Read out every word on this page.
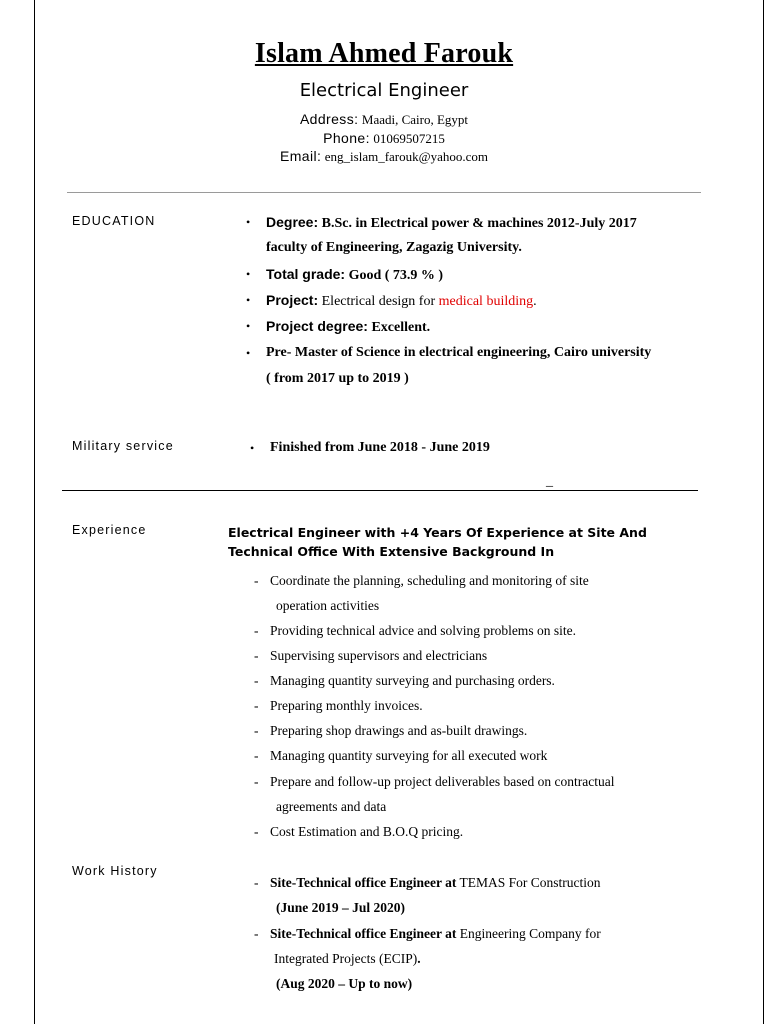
Islam Ahmed Farouk
Electrical Engineer
Address: Maadi, Cairo, Egypt
Phone: 01069507215
Email: eng_islam_farouk@yahoo.com
EDUCATION	• Degree: B.Sc. in Electrical power & machines 2012-July 2017
faculty of Engineering, Zagazig University.
• Total grade: Good ( 73.9 % )
• Project: Electrical design for medical building.
• Project degree: Excellent.
• Pre- Master of Science in electrical engineering, Cairo university
( from 2017 up to 2019 )
Military service	• Finished from June 2018 - June 2019
_
Experience	Electrical Engineer with +4 Years Of Experience at Site And
Technical Office With Extensive Background In
- Coordinate the planning, scheduling and monitoring of site
operation activities
- Providing technical advice and solving problems on site.
- Supervising supervisors and electricians
- Managing quantity surveying and purchasing orders.
- Preparing monthly invoices.
- Preparing shop drawings and as-built drawings.
- Managing quantity surveying for all executed work
- Prepare and follow-up project deliverables based on contractual
agreements and data
- Cost Estimation and B.O.Q pricing.
Work History
- Site-Technical office Engineer at TEMAS For Construction
(June 2019 – Jul 2020)
- Site-Technical office Engineer at Engineering Company for
Integrated Projects (ECIP).
(Aug 2020 – Up to now)
